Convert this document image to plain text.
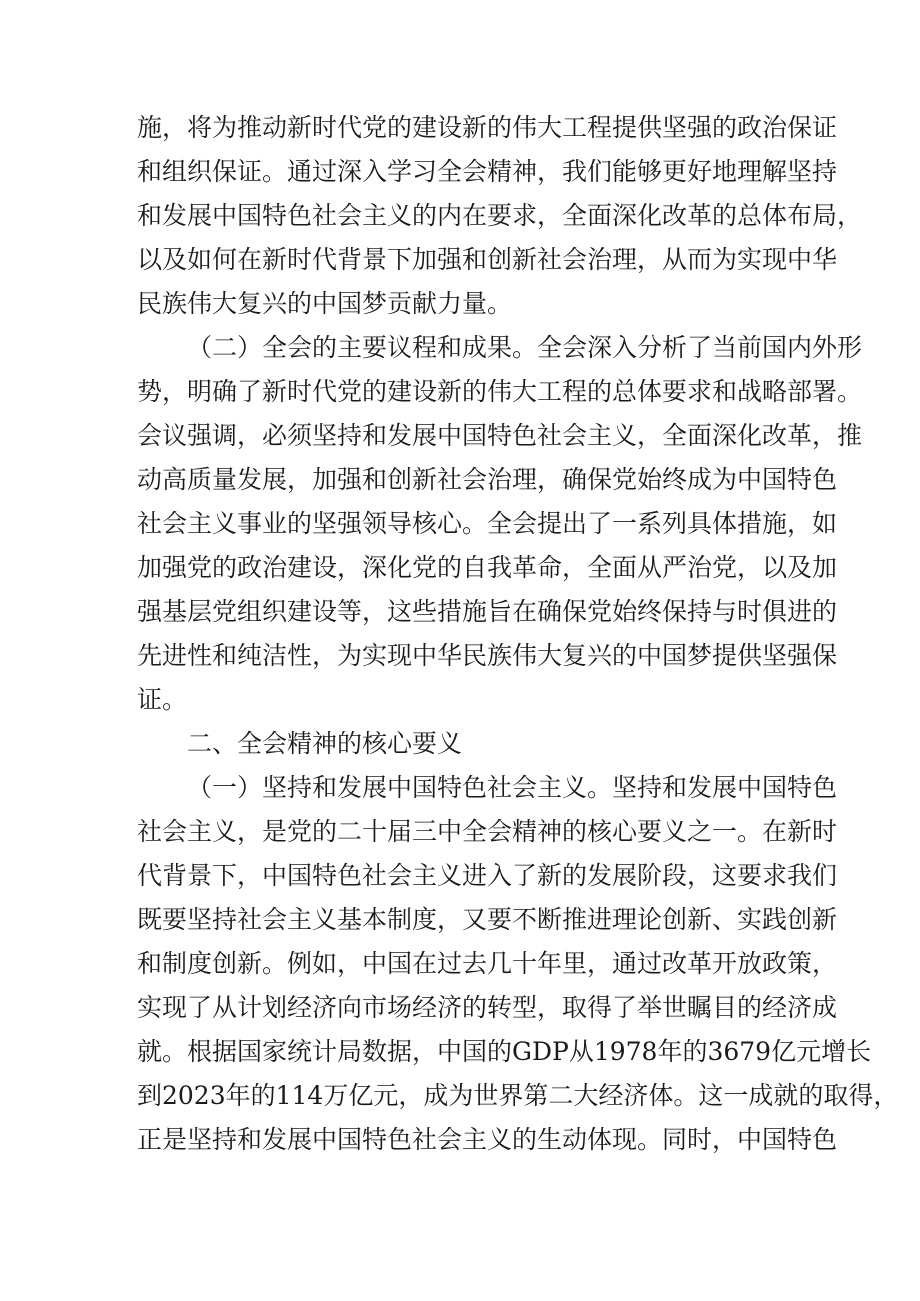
施，将为推动新时代党的建设新的伟大工程提供坚强的政治保证
和组织保证。通过深入学习全会精神，我们能够更好地理解坚持
和发展中国特色社会主义的内在要求，全面深化改革的总体布局，
以及如何在新时代背景下加强和创新社会治理，从而为实现中华
民族伟大复兴的中国梦贡献力量。
（二）全会的主要议程和成果。全会深入分析了当前国内外形
势，明确了新时代党的建设新的伟大工程的总体要求和战略部署。
会议强调，必须坚持和发展中国特色社会主义，全面深化改革，推
动高质量发展，加强和创新社会治理，确保党始终成为中国特色
社会主义事业的坚强领导核心。全会提出了一系列具体措施，如
加强党的政治建设，深化党的自我革命，全面从严治党，以及加
强基层党组织建设等，这些措施旨在确保党始终保持与时俱进的
先进性和纯洁性，为实现中华民族伟大复兴的中国梦提供坚强保
证。
二、全会精神的核心要义
（一）坚持和发展中国特色社会主义。坚持和发展中国特色
社会主义，是党的二十届三中全会精神的核心要义之一。在新时
代背景下，中国特色社会主义进入了新的发展阶段，这要求我们
既要坚持社会主义基本制度，又要不断推进理论创新、实践创新
和制度创新。例如，中国在过去几十年里，通过改革开放政策，
实现了从计划经济向市场经济的转型，取得了举世瞩目的经济成
就。根据国家统计局数据，中国的GDP从1978年的3679亿元增长
到2023年的114万亿元，成为世界第二大经济体。这一成就的取得，
正是坚持和发展中国特色社会主义的生动体现。同时，中国特色
